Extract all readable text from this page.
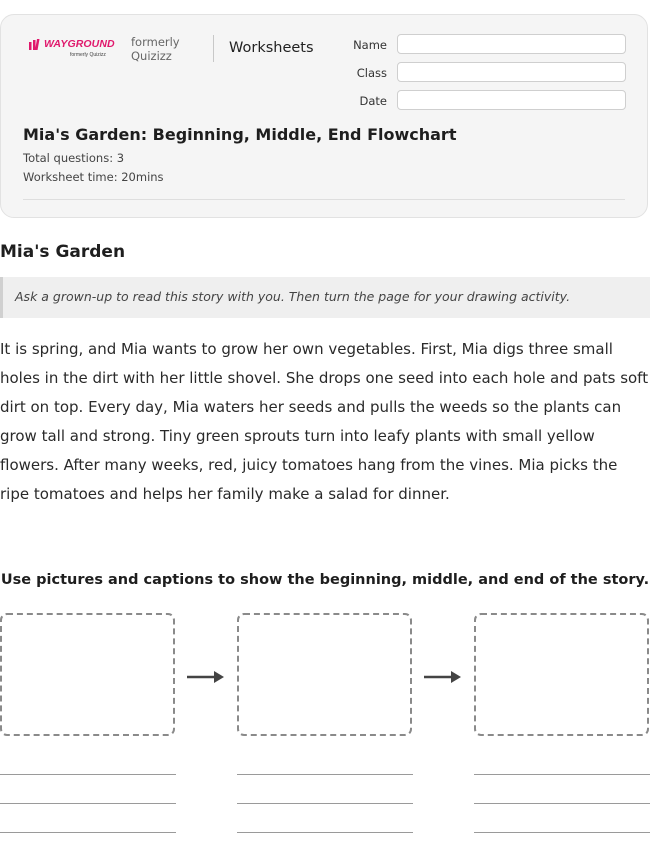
WAYGROUND
formerly Quizizz
formerly Quizizz	Worksheets	Name
Class
Date
Mia's Garden: Beginning, Middle, End Flowchart
Total questions: 3
Worksheet time: 20mins
Mia's Garden
Ask a grown-up to read this story with you. Then turn the page for your drawing activity.

It is spring, and Mia wants to grow her own vegetables. First, Mia digs three small holes in the dirt with her little shovel. She drops one seed into each hole and pats soft dirt on top. Every day, Mia waters her seeds and pulls the weeds so the plants can grow tall and strong. Tiny green sprouts turn into leafy plants with small yellow flowers. After many weeks, red, juicy tomatoes hang from the vines. Mia picks the ripe tomatoes and helps her family make a salad for dinner.

Use pictures and captions to show the beginning, middle, and end of the story.
